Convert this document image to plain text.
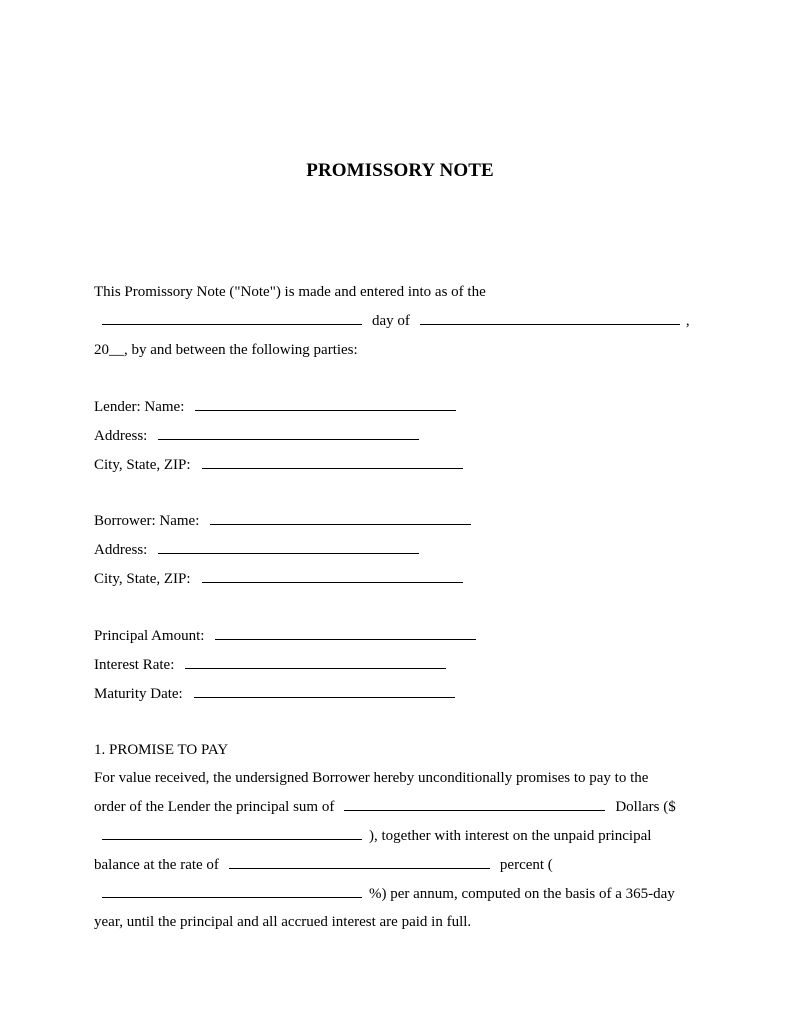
PROMISSORY NOTE
This Promissory Note ("Note") is made and entered into as of the
day of	,
20__, by and between the following parties:
Lender: Name:
Address:
City, State, ZIP:
Borrower: Name:
Address:
City, State, ZIP:
Principal Amount:
Interest Rate:
Maturity Date:
1. PROMISE TO PAY
For value received, the undersigned Borrower hereby unconditionally promises to pay to the
order of the Lender the principal sum of	Dollars ($
), together with interest on the unpaid principal
balance at the rate of	percent (
%) per annum, computed on the basis of a 365-day
year, until the principal and all accrued interest are paid in full.
